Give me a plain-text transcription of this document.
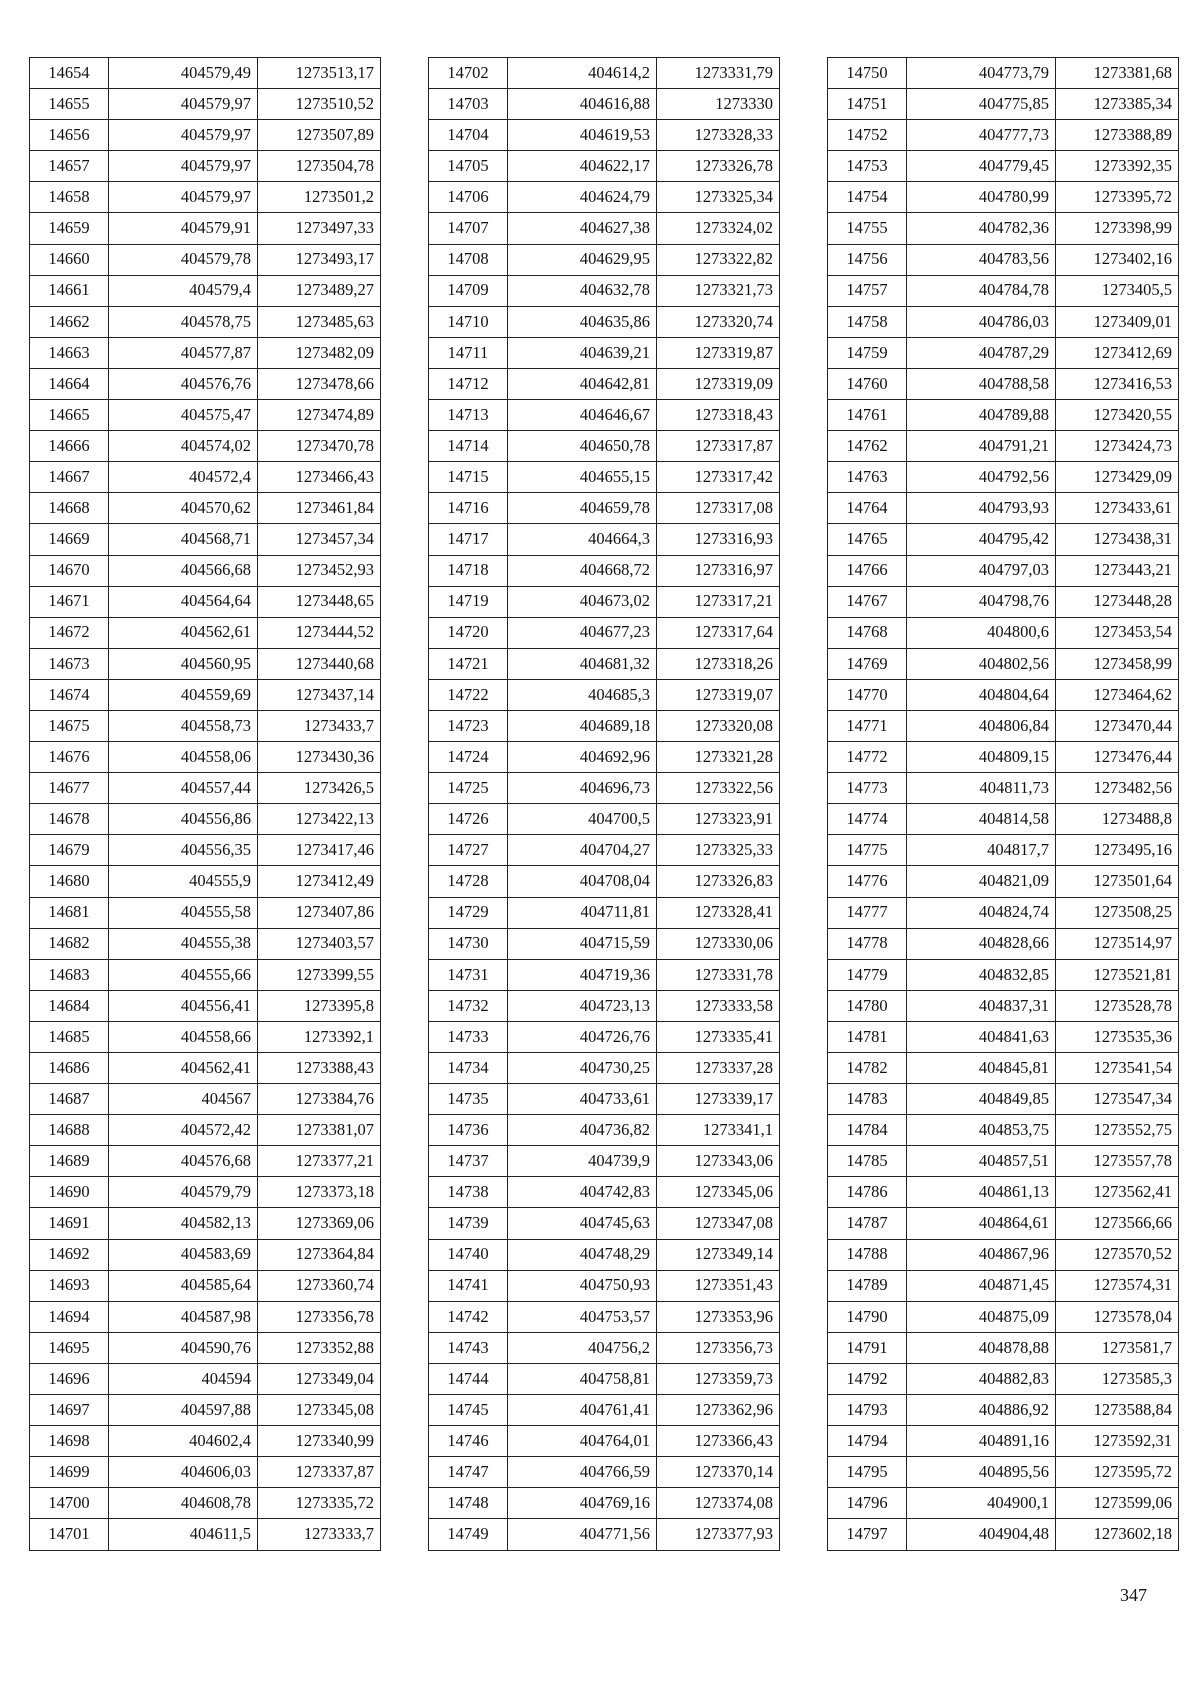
14654	404579,49	1273513,17
14655	404579,97	1273510,52
14656	404579,97	1273507,89
14657	404579,97	1273504,78
14658	404579,97	1273501,2
14659	404579,91	1273497,33
14660	404579,78	1273493,17
14661	404579,4	1273489,27
14662	404578,75	1273485,63
14663	404577,87	1273482,09
14664	404576,76	1273478,66
14665	404575,47	1273474,89
14666	404574,02	1273470,78
14667	404572,4	1273466,43
14668	404570,62	1273461,84
14669	404568,71	1273457,34
14670	404566,68	1273452,93
14671	404564,64	1273448,65
14672	404562,61	1273444,52
14673	404560,95	1273440,68
14674	404559,69	1273437,14
14675	404558,73	1273433,7
14676	404558,06	1273430,36
14677	404557,44	1273426,5
14678	404556,86	1273422,13
14679	404556,35	1273417,46
14680	404555,9	1273412,49
14681	404555,58	1273407,86
14682	404555,38	1273403,57
14683	404555,66	1273399,55
14684	404556,41	1273395,8
14685	404558,66	1273392,1
14686	404562,41	1273388,43
14687	404567	1273384,76
14688	404572,42	1273381,07
14689	404576,68	1273377,21
14690	404579,79	1273373,18
14691	404582,13	1273369,06
14692	404583,69	1273364,84
14693	404585,64	1273360,74
14694	404587,98	1273356,78
14695	404590,76	1273352,88
14696	404594	1273349,04
14697	404597,88	1273345,08
14698	404602,4	1273340,99
14699	404606,03	1273337,87
14700	404608,78	1273335,72
14701	404611,5	1273333,7
14702	404614,2	1273331,79
14703	404616,88	1273330
14704	404619,53	1273328,33
14705	404622,17	1273326,78
14706	404624,79	1273325,34
14707	404627,38	1273324,02
14708	404629,95	1273322,82
14709	404632,78	1273321,73
14710	404635,86	1273320,74
14711	404639,21	1273319,87
14712	404642,81	1273319,09
14713	404646,67	1273318,43
14714	404650,78	1273317,87
14715	404655,15	1273317,42
14716	404659,78	1273317,08
14717	404664,3	1273316,93
14718	404668,72	1273316,97
14719	404673,02	1273317,21
14720	404677,23	1273317,64
14721	404681,32	1273318,26
14722	404685,3	1273319,07
14723	404689,18	1273320,08
14724	404692,96	1273321,28
14725	404696,73	1273322,56
14726	404700,5	1273323,91
14727	404704,27	1273325,33
14728	404708,04	1273326,83
14729	404711,81	1273328,41
14730	404715,59	1273330,06
14731	404719,36	1273331,78
14732	404723,13	1273333,58
14733	404726,76	1273335,41
14734	404730,25	1273337,28
14735	404733,61	1273339,17
14736	404736,82	1273341,1
14737	404739,9	1273343,06
14738	404742,83	1273345,06
14739	404745,63	1273347,08
14740	404748,29	1273349,14
14741	404750,93	1273351,43
14742	404753,57	1273353,96
14743	404756,2	1273356,73
14744	404758,81	1273359,73
14745	404761,41	1273362,96
14746	404764,01	1273366,43
14747	404766,59	1273370,14
14748	404769,16	1273374,08
14749	404771,56	1273377,93
14750	404773,79	1273381,68
14751	404775,85	1273385,34
14752	404777,73	1273388,89
14753	404779,45	1273392,35
14754	404780,99	1273395,72
14755	404782,36	1273398,99
14756	404783,56	1273402,16
14757	404784,78	1273405,5
14758	404786,03	1273409,01
14759	404787,29	1273412,69
14760	404788,58	1273416,53
14761	404789,88	1273420,55
14762	404791,21	1273424,73
14763	404792,56	1273429,09
14764	404793,93	1273433,61
14765	404795,42	1273438,31
14766	404797,03	1273443,21
14767	404798,76	1273448,28
14768	404800,6	1273453,54
14769	404802,56	1273458,99
14770	404804,64	1273464,62
14771	404806,84	1273470,44
14772	404809,15	1273476,44
14773	404811,73	1273482,56
14774	404814,58	1273488,8
14775	404817,7	1273495,16
14776	404821,09	1273501,64
14777	404824,74	1273508,25
14778	404828,66	1273514,97
14779	404832,85	1273521,81
14780	404837,31	1273528,78
14781	404841,63	1273535,36
14782	404845,81	1273541,54
14783	404849,85	1273547,34
14784	404853,75	1273552,75
14785	404857,51	1273557,78
14786	404861,13	1273562,41
14787	404864,61	1273566,66
14788	404867,96	1273570,52
14789	404871,45	1273574,31
14790	404875,09	1273578,04
14791	404878,88	1273581,7
14792	404882,83	1273585,3
14793	404886,92	1273588,84
14794	404891,16	1273592,31
14795	404895,56	1273595,72
14796	404900,1	1273599,06
14797	404904,48	1273602,18
347
